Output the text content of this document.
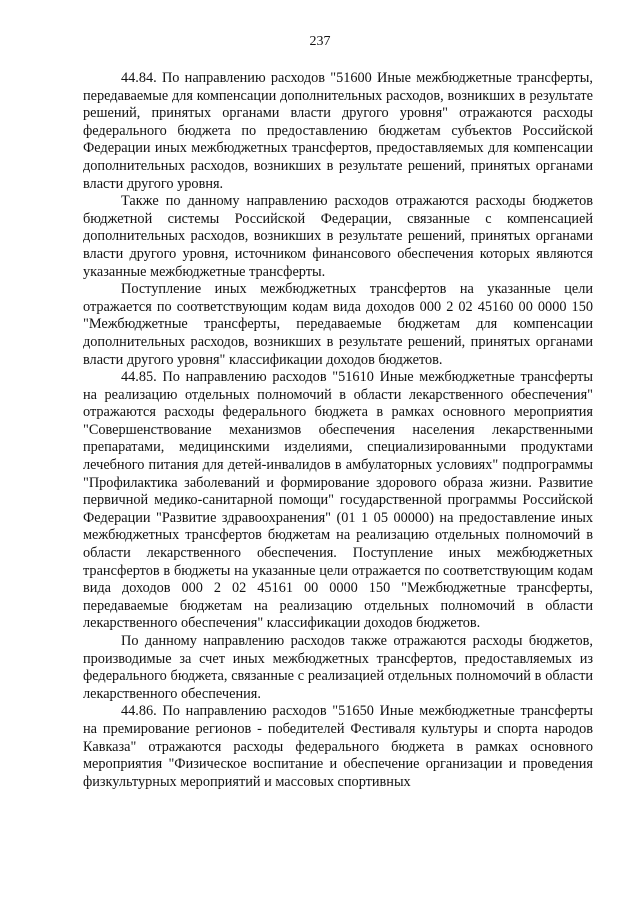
237

44.84. По направлению расходов "51600 Иные межбюджетные трансферты, передаваемые для компенсации дополнительных расходов, возникших в результате решений, принятых органами власти другого уровня" отражаются расходы федерального бюджета по предоставлению бюджетам субъектов Российской Федерации иных межбюджетных трансфертов, предоставляемых для компенсации дополнительных расходов, возникших в результате решений, принятых органами власти другого уровня.

Также по данному направлению расходов отражаются расходы бюджетов бюджетной системы Российской Федерации, связанные с компенсацией дополнительных расходов, возникших в результате решений, принятых органами власти другого уровня, источником финансового обеспечения которых являются указанные межбюджетные трансферты.

Поступление иных межбюджетных трансфертов на указанные цели отражается по соответствующим кодам вида доходов 000 2 02 45160 00 0000 150 "Межбюджетные трансферты, передаваемые бюджетам для компенсации дополнительных расходов, возникших в результате решений, принятых органами власти другого уровня" классификации доходов бюджетов.

44.85. По направлению расходов "51610 Иные межбюджетные трансферты на реализацию отдельных полномочий в области лекарственного обеспечения" отражаются расходы федерального бюджета в рамках основного мероприятия "Совершенствование механизмов обеспечения населения лекарственными препаратами, медицинскими изделиями, специализированными продуктами лечебного питания для детей-инвалидов в амбулаторных условиях" подпрограммы "Профилактика заболеваний и формирование здорового образа жизни. Развитие первичной медико-санитарной помощи" государственной программы Российской Федерации "Развитие здравоохранения" (01 1 05 00000) на предоставление иных межбюджетных трансфертов бюджетам на реализацию отдельных полномочий в области лекарственного обеспечения. Поступление иных межбюджетных трансфертов в бюджеты на указанные цели отражается по соответствующим кодам вида доходов 000 2 02 45161 00 0000 150 "Межбюджетные трансферты, передаваемые бюджетам на реализацию отдельных полномочий в области лекарственного обеспечения" классификации доходов бюджетов.

По данному направлению расходов также отражаются расходы бюджетов, производимые за счет иных межбюджетных трансфертов, предоставляемых из федерального бюджета, связанные с реализацией отдельных полномочий в области лекарственного обеспечения.

44.86. По направлению расходов "51650 Иные межбюджетные трансферты на премирование регионов - победителей Фестиваля культуры и спорта народов Кавказа" отражаются расходы федерального бюджета в рамках основного мероприятия "Физическое воспитание и обеспечение организации и проведения физкультурных мероприятий и массовых спортивных
